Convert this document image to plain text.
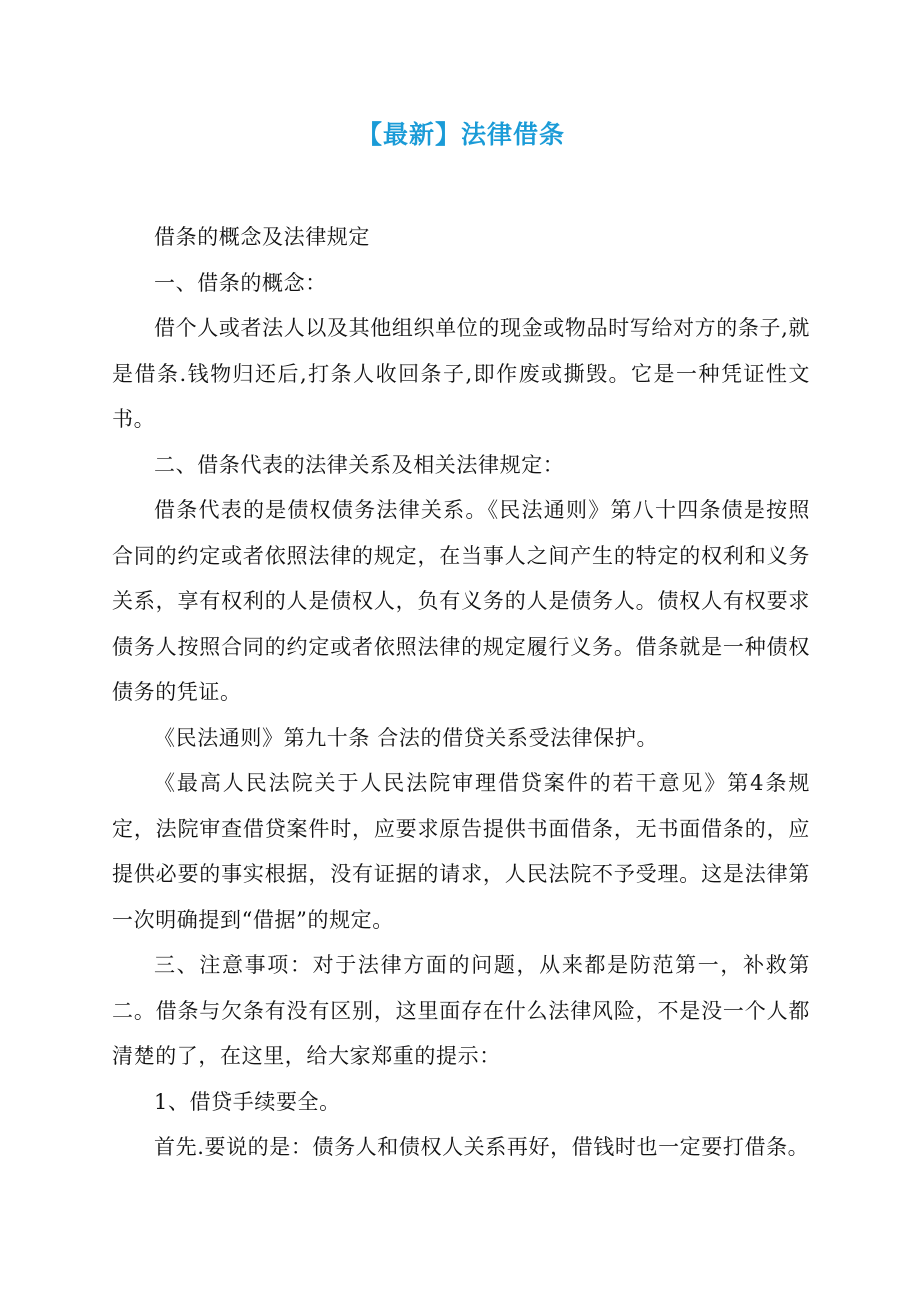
【最新】法律借条

借条的概念及法律规定

一、借条的概念：

借个人或者法人以及其他组织单位的现金或物品时写给对方的条子,就是借条.钱物归还后,打条人收回条子,即作废或撕毁。它是一种凭证性文书。

二、借条代表的法律关系及相关法律规定：

借条代表的是债权债务法律关系。《民法通则》第八十四条债是按照合同的约定或者依照法律的规定，在当事人之间产生的特定的权利和义务关系，享有权利的人是债权人，负有义务的人是债务人。债权人有权要求债务人按照合同的约定或者依照法律的规定履行义务。借条就是一种债权债务的凭证。

《民法通则》第九十条 合法的借贷关系受法律保护。

《最高人民法院关于人民法院审理借贷案件的若干意见》第4条规定，法院审查借贷案件时，应要求原告提供书面借条，无书面借条的，应提供必要的事实根据，没有证据的请求，人民法院不予受理。这是法律第一次明确提到“借据”的规定。

三、注意事项：对于法律方面的问题，从来都是防范第一，补救第二。借条与欠条有没有区别，这里面存在什么法律风险，不是没一个人都清楚的了，在这里，给大家郑重的提示：

1、借贷手续要全。

首先.要说的是：债务人和债权人关系再好，借钱时也一定要打借条。
